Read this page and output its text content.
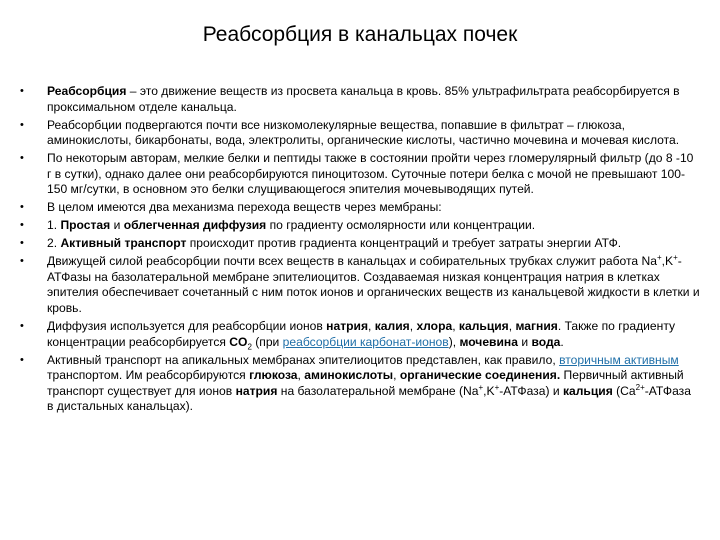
Реабсорбция в канальцах почек
•	Реабсорбция – это движение веществ из просвета канальца в кровь. 85% ультрафильтрата реабсорбируется в проксимальном отделе канальца.
•	Реабсорбции подвергаются почти все низкомолекулярные вещества, попавшие в фильтрат – глюкоза, аминокислоты, бикарбонаты, вода, электролиты, органические кислоты, частично мочевина и мочевая кислота.
•	По некоторым авторам, мелкие белки и пептиды также в состоянии пройти через гломерулярный фильтр (до 8 -10 г в сутки), однако далее они реабсорбируются пиноцитозом. Суточные потери белка с мочой не превышают 100-150 мг/сутки, в основном это белки слущивающегося эпителия мочевыводящих путей.
•	В целом имеются два механизма перехода веществ через мембраны:
•	1. Простая и облегченная диффузия по градиенту осмолярности или концентрации.
•	2. Активный транспорт происходит против градиента концентраций и требует затраты энергии АТФ.
•	Движущей силой реабсорбции почти всех веществ в канальцах и собирательных трубках служит работа Na+,K+-АТФазы на базолатеральной мембране эпителиоцитов. Создаваемая низкая концентрация натрия в клетках эпителия обеспечивает сочетанный с ним поток ионов и органических веществ из канальцевой жидкости в клетки и кровь.
•	Диффузия используется для реабсорбции ионов натрия, калия, хлора, кальция, магния. Также по градиенту концентрации реабсорбируется $CO_2$ (при реабсорбции карбонат-ионов), мочевина и вода.
•	Активный транспорт на апикальных мембранах эпителиоцитов представлен, как правило, вторичным активным транспортом. Им реабсорбируются глюкоза, аминокислоты, органические соединения. Первичный активный транспорт существует для ионов натрия на базолатеральной мембране (Na+,K+-АТФаза) и кальция ($Ca^{2+}$-АТФаза в дистальных канальцах).
